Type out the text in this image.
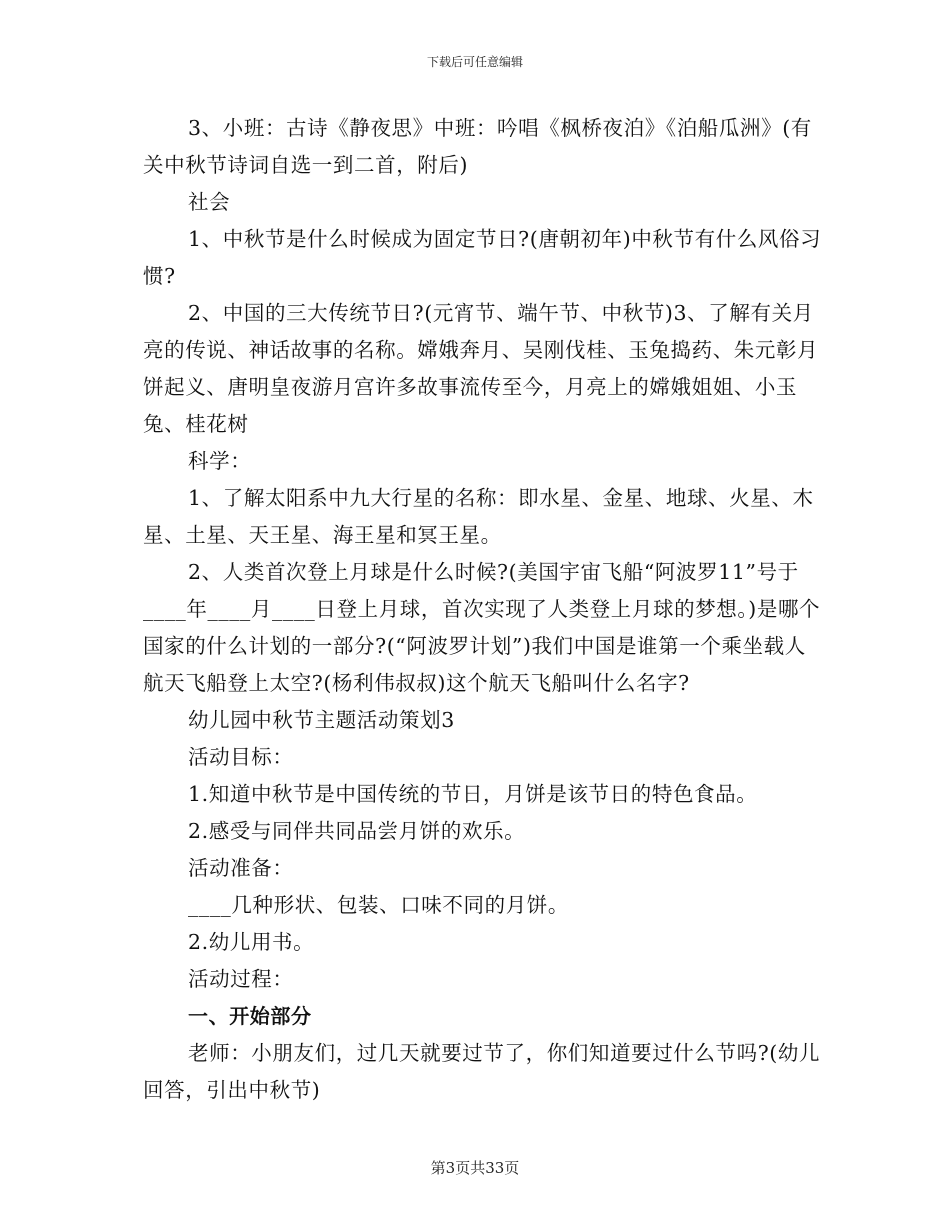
下载后可任意编辑

3、小班：古诗《静夜思》中班：吟唱《枫桥夜泊》《泊船瓜洲》(有关中秋节诗词自选一到二首，附后)

社会

1、中秋节是什么时候成为固定节日?(唐朝初年)中秋节有什么风俗习惯?

2、中国的三大传统节日?(元宵节、端午节、中秋节)3、了解有关月亮的传说、神话故事的名称。嫦娥奔月、吴刚伐桂、玉兔捣药、朱元彰月饼起义、唐明皇夜游月宫许多故事流传至今，月亮上的嫦娥姐姐、小玉兔、桂花树

科学：

1、了解太阳系中九大行星的名称：即水星、金星、地球、火星、木星、土星、天王星、海王星和冥王星。

2、人类首次登上月球是什么时候?(美国宇宙飞船“阿波罗11”号于____年____月____日登上月球，首次实现了人类登上月球的梦想。)是哪个国家的什么计划的一部分?(“阿波罗计划”)我们中国是谁第一个乘坐载人航天飞船登上太空?(杨利伟叔叔)这个航天飞船叫什么名字?

幼儿园中秋节主题活动策划3

活动目标：

1.知道中秋节是中国传统的节日，月饼是该节日的特色食品。

2.感受与同伴共同品尝月饼的欢乐。

活动准备：

____几种形状、包装、口味不同的月饼。

2.幼儿用书。

活动过程：

一、开始部分

老师：小朋友们，过几天就要过节了，你们知道要过什么节吗?(幼儿回答，引出中秋节)

第3页共33页
